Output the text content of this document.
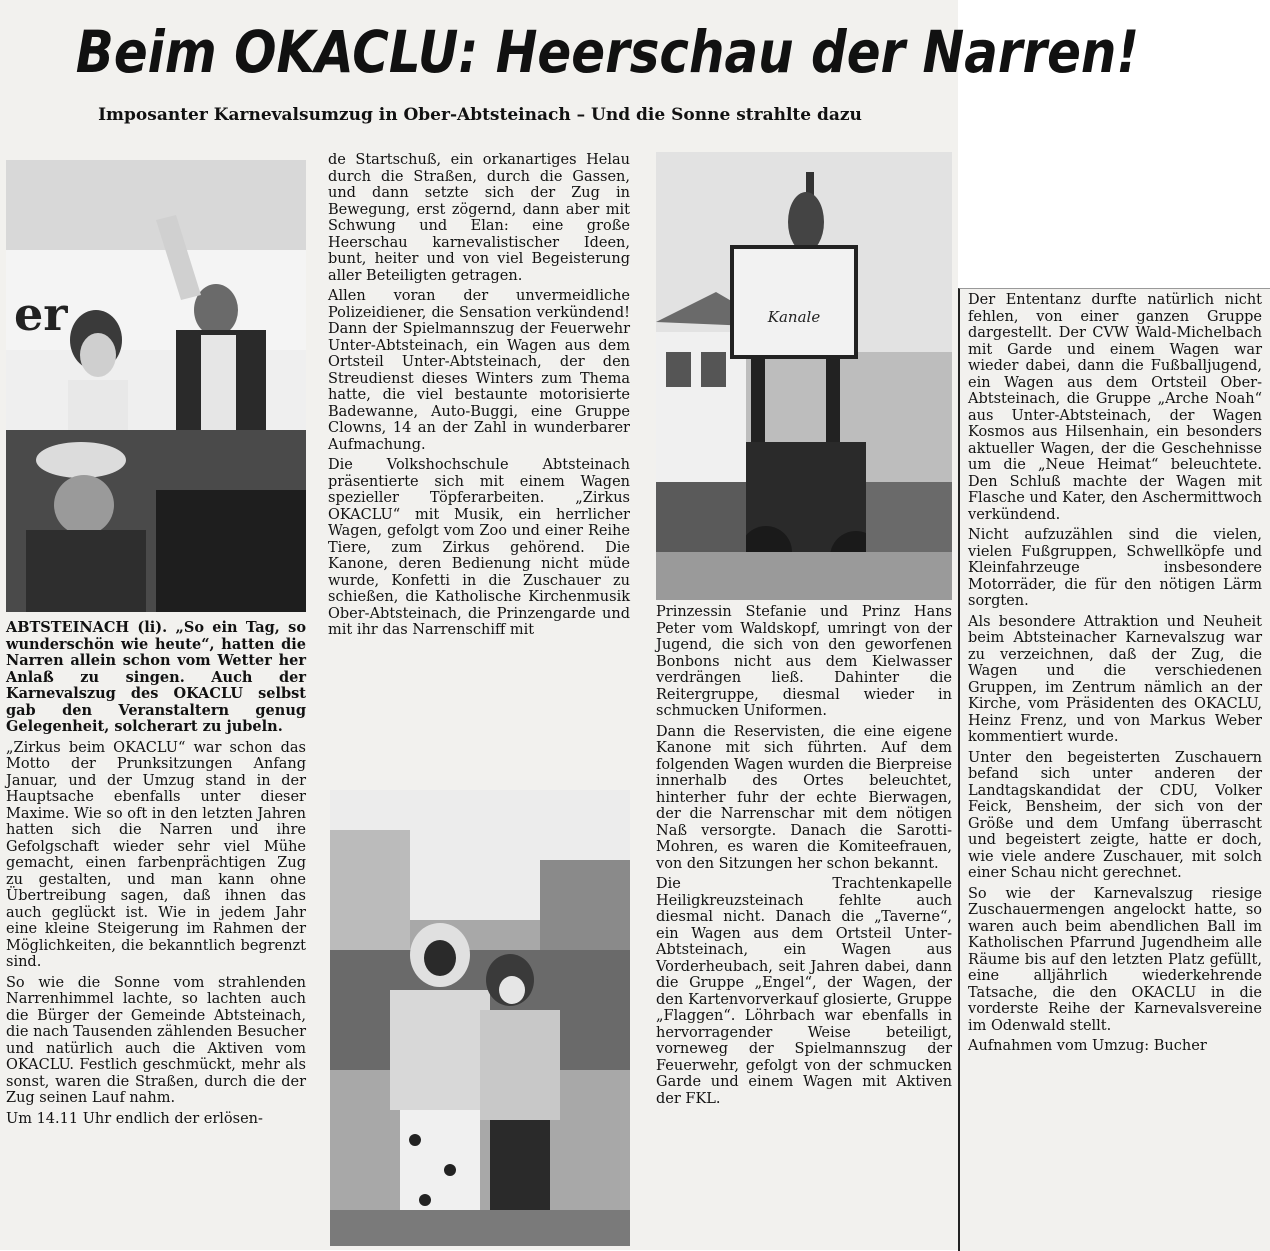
Beim OKACLU: Heerschau der Narren!
Imposanter Karnevalsumzug in Ober-Abtsteinach – Und die Sonne strahlte dazu
er	Kanale

ABTSTEINACH (li). „So ein Tag, so wunderschön wie heute“, hatten die Narren allein schon vom Wetter her Anlaß zu singen. Auch der Karnevalszug des OKACLU selbst gab den Veranstaltern genug Gelegenheit, solcherart zu jubeln.

„Zirkus beim OKACLU“ war schon das Motto der Prunksitzungen Anfang Januar, und der Umzug stand in der Hauptsache ebenfalls unter dieser Maxime. Wie so oft in den letzten Jahren hatten sich die Narren und ihre Gefolgschaft wieder sehr viel Mühe gemacht, einen farbenprächtigen Zug zu gestalten, und man kann ohne Übertreibung sagen, daß ihnen das auch geglückt ist. Wie in jedem Jahr eine kleine Steigerung im Rahmen der Möglichkeiten, die bekanntlich begrenzt sind.

So wie die Sonne vom strahlenden Narrenhimmel lachte, so lachten auch die Bürger der Gemeinde Abtsteinach, die nach Tausenden zählenden Besucher und natürlich auch die Aktiven vom OKACLU. Festlich geschmückt, mehr als sonst, waren die Straßen, durch die der Zug seinen Lauf nahm.

Um 14.11 Uhr endlich der erlösen-

de Startschuß, ein orkanartiges Helau durch die Straßen, durch die Gassen, und dann setzte sich der Zug in Bewegung, erst zögernd, dann aber mit Schwung und Elan: eine große Heerschau karnevalistischer Ideen, bunt, heiter und von viel Begeisterung aller Beteiligten getragen.

Allen voran der unvermeidliche Polizeidiener, die Sensation verkündend! Dann der Spielmannszug der Feuerwehr Unter-Abtsteinach, ein Wagen aus dem Ortsteil Unter-Abtsteinach, der den Streudienst dieses Winters zum Thema hatte, die viel bestaunte motorisierte Badewanne, Auto-Buggi, eine Gruppe Clowns, 14 an der Zahl in wunderbarer Aufmachung.

Die Volkshochschule Abtsteinach präsentierte sich mit einem Wagen spezieller Töpferarbeiten. „Zirkus OKACLU“ mit Musik, ein herrlicher Wagen, gefolgt vom Zoo und einer Reihe Tiere, zum Zirkus gehörend. Die Kanone, deren Bedienung nicht müde wurde, Konfetti in die Zuschauer zu schießen, die Katholische Kirchenmusik Ober-Abtsteinach, die Prinzengarde und mit ihr das Narrenschiff mit

Prinzessin Stefanie und Prinz Hans Peter vom Waldskopf, umringt von der Jugend, die sich von den geworfenen Bonbons nicht aus dem Kielwasser verdrängen ließ. Dahinter die Reitergruppe, diesmal wieder in schmucken Uniformen.

Dann die Reservisten, die eine eigene Kanone mit sich führten. Auf dem folgenden Wagen wurden die Bierpreise innerhalb des Ortes beleuchtet, hinterher fuhr der echte Bierwagen, der die Narrenschar mit dem nötigen Naß versorgte. Danach die Sarotti-Mohren, es waren die Komiteefrauen, von den Sitzungen her schon bekannt.

Die Trachtenkapelle Heiligkreuzsteinach fehlte auch diesmal nicht. Danach die „Taverne“, ein Wagen aus dem Ortsteil Unter-Abtsteinach, ein Wagen aus Vorderheubach, seit Jahren dabei, dann die Gruppe „Engel“, der Wagen, der den Kartenvorverkauf glosierte, Gruppe „Flaggen“. Löhrbach war ebenfalls in hervorragender Weise beteiligt, vorneweg der Spielmannszug der Feuerwehr, gefolgt von der schmucken Garde und einem Wagen mit Aktiven der FKL.

Der Ententanz durfte natürlich nicht fehlen, von einer ganzen Gruppe dargestellt. Der CVW Wald-Michelbach mit Garde und einem Wagen war wieder dabei, dann die Fußballjugend, ein Wagen aus dem Ortsteil Ober-Abtsteinach, die Gruppe „Arche Noah“ aus Unter-Abtsteinach, der Wagen Kosmos aus Hilsenhain, ein besonders aktueller Wagen, der die Geschehnisse um die „Neue Heimat“ beleuchtete. Den Schluß machte der Wagen mit Flasche und Kater, den Aschermittwoch verkündend.

Nicht aufzuzählen sind die vielen, vielen Fußgruppen, Schwellköpfe und Kleinfahrzeuge insbesondere Motorräder, die für den nötigen Lärm sorgten.

Als besondere Attraktion und Neuheit beim Abtsteinacher Karnevalszug war zu verzeichnen, daß der Zug, die Wagen und die verschiedenen Gruppen, im Zentrum nämlich an der Kirche, vom Präsidenten des OKACLU, Heinz Frenz, und von Markus Weber kommentiert wurde.

Unter den begeisterten Zuschauern befand sich unter anderen der Landtagskandidat der CDU, Volker Feick, Bensheim, der sich von der Größe und dem Umfang überrascht und begeistert zeigte, hatte er doch, wie viele andere Zuschauer, mit solch einer Schau nicht gerechnet.

So wie der Karnevalszug riesige Zuschauermengen angelockt hatte, so waren auch beim abendlichen Ball im Katholischen Pfarrund Jugendheim alle Räume bis auf den letzten Platz gefüllt, eine alljährlich wiederkehrende Tatsache, die den OKACLU in die vorderste Reihe der Karnevalsvereine im Odenwald stellt.

Aufnahmen vom Umzug: Bucher
